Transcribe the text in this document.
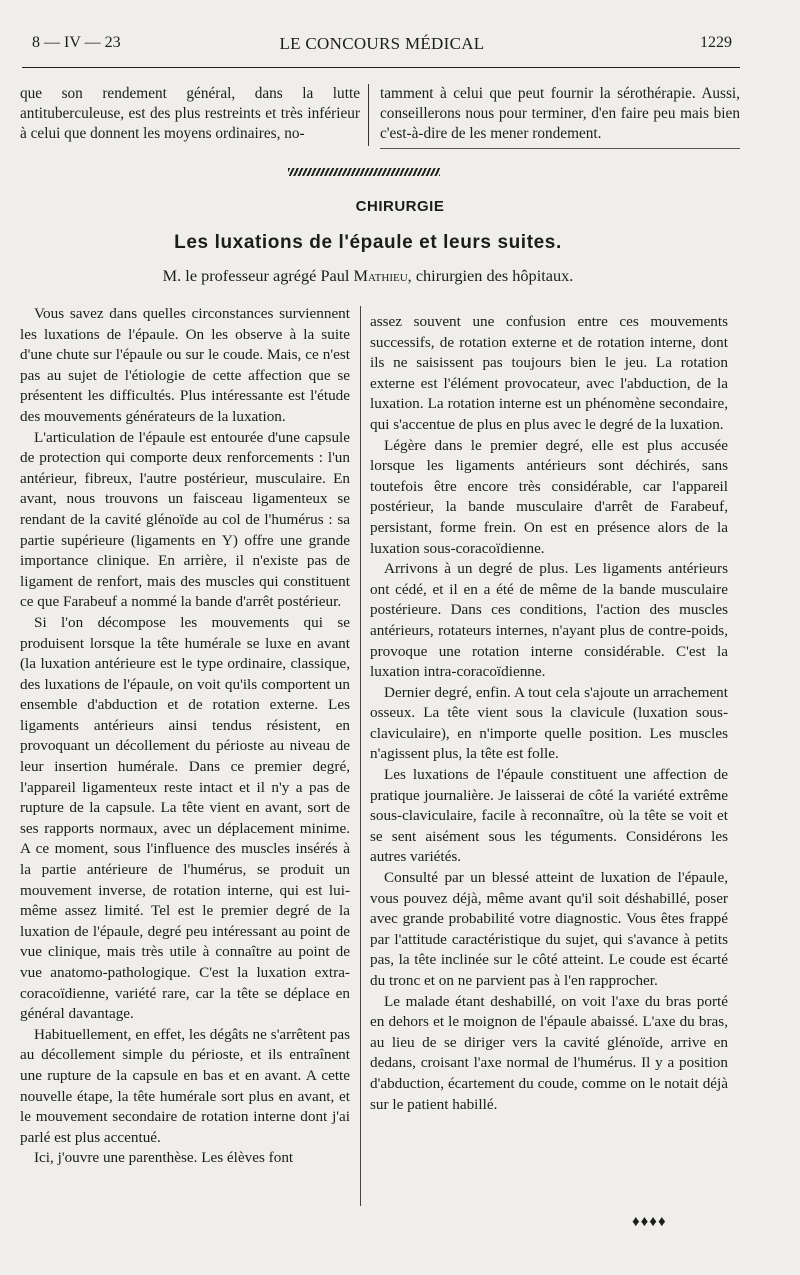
8 — IV — 23	LE CONCOURS MÉDICAL	1229
que son rendement général, dans la lutte antituberculeuse, est des plus restreints et très inférieur à celui que donnent les moyens ordinaires, no-
tamment à celui que peut fournir la sérothérapie. Aussi, conseillerons nous pour terminer, d'en faire peu mais bien c'est-à-dire de les mener rondement.
CHIRURGIE
Les luxations de l'épaule et leurs suites.
M. le professeur agrégé Paul Mathieu, chirurgien des hôpitaux.

Vous savez dans quelles circonstances surviennent les luxations de l'épaule. On les observe à la suite d'une chute sur l'épaule ou sur le coude. Mais, ce n'est pas au sujet de l'étiologie de cette affection que se présentent les difficultés. Plus intéressante est l'étude des mouvements générateurs de la luxation.

L'articulation de l'épaule est entourée d'une capsule de protection qui comporte deux renforcements : l'un antérieur, fibreux, l'autre postérieur, musculaire. En avant, nous trouvons un faisceau ligamenteux se rendant de la cavité glénoïde au col de l'humérus : sa partie supérieure (ligaments en Y) offre une grande importance clinique. En arrière, il n'existe pas de ligament de renfort, mais des muscles qui constituent ce que Farabeuf a nommé la bande d'arrêt postérieur.

Si l'on décompose les mouvements qui se produisent lorsque la tête humérale se luxe en avant (la luxation antérieure est le type ordinaire, classique, des luxations de l'épaule, on voit qu'ils comportent un ensemble d'abduction et de rotation externe. Les ligaments antérieurs ainsi tendus résistent, en provoquant un décollement du périoste au niveau de leur insertion humérale. Dans ce premier degré, l'appareil ligamenteux reste intact et il n'y a pas de rupture de la capsule. La tête vient en avant, sort de ses rapports normaux, avec un déplacement minime. A ce moment, sous l'influence des muscles insérés à la partie antérieure de l'humérus, se produit un mouvement inverse, de rotation interne, qui est lui-même assez limité. Tel est le premier degré de la luxation de l'épaule, degré peu intéressant au point de vue clinique, mais très utile à connaître au point de vue anatomo-pathologique. C'est la luxation extra-coracoïdienne, variété rare, car la tête se déplace en général davantage.

Habituellement, en effet, les dégâts ne s'arrêtent pas au décollement simple du périoste, et ils entraînent une rupture de la capsule en bas et en avant. A cette nouvelle étape, la tête humérale sort plus en avant, et le mouvement secondaire de rotation interne dont j'ai parlé est plus accentué.

Ici, j'ouvre une parenthèse. Les élèves font

assez souvent une confusion entre ces mouvements successifs, de rotation externe et de rotation interne, dont ils ne saisissent pas toujours bien le jeu. La rotation externe est l'élément provocateur, avec l'abduction, de la luxation. La rotation interne est un phénomène secondaire, qui s'accentue de plus en plus avec le degré de la luxation.

Légère dans le premier degré, elle est plus accusée lorsque les ligaments antérieurs sont déchirés, sans toutefois être encore très considérable, car l'appareil postérieur, la bande musculaire d'arrêt de Farabeuf, persistant, forme frein. On est en présence alors de la luxation sous-coracoïdienne.

Arrivons à un degré de plus. Les ligaments antérieurs ont cédé, et il en a été de même de la bande musculaire postérieure. Dans ces conditions, l'action des muscles antérieurs, rotateurs internes, n'ayant plus de contre-poids, provoque une rotation interne considérable. C'est la luxation intra-coracoïdienne.

Dernier degré, enfin. A tout cela s'ajoute un arrachement osseux. La tête vient sous la clavicule (luxation sous-claviculaire), en n'importe quelle position. Les muscles n'agissent plus, la tête est folle.

Les luxations de l'épaule constituent une affection de pratique journalière. Je laisserai de côté la variété extrême sous-claviculaire, facile à reconnaître, où la tête se voit et se sent aisément sous les téguments. Considérons les autres variétés.

Consulté par un blessé atteint de luxation de l'épaule, vous pouvez déjà, même avant qu'il soit déshabillé, poser avec grande probabilité votre diagnostic. Vous êtes frappé par l'attitude caractéristique du sujet, qui s'avance à petits pas, la tête inclinée sur le côté atteint. Le coude est écarté du tronc et on ne parvient pas à l'en rapprocher.

Le malade étant deshabillé, on voit l'axe du bras porté en dehors et le moignon de l'épaule abaissé. L'axe du bras, au lieu de se diriger vers la cavité glénoïde, arrive en dedans, croisant l'axe normal de l'humérus. Il y a position d'abduction, écartement du coude, comme on le notait déjà sur le patient habillé.

♦♦♦♦
